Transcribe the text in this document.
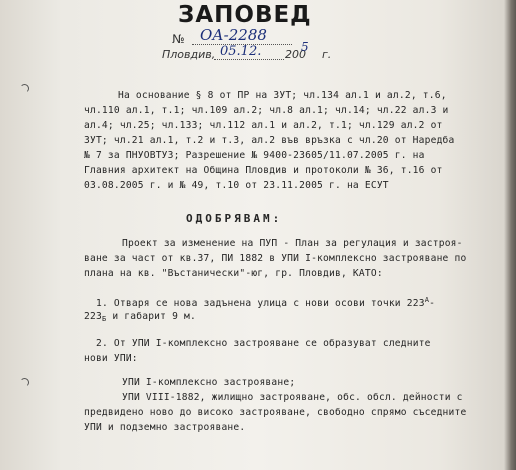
ЗАПОВЕД
№ ОА-2288
Пловдив, 05.12. 200
5
г.
На основание § 8 от ПР на ЗУТ; чл.134 ал.1 и ал.2, т.6,
чл.110 ал.1, т.1; чл.109 ал.2; чл.8 ал.1; чл.14; чл.22 ал.3 и
ал.4; чл.25; чл.133; чл.112 ал.1 и ал.2, т.1; чл.129 ал.2 от
ЗУТ; чл.21 ал.1, т.2 и т.3, ал.2 във връзка с чл.20 от Наредба
№ 7 за ПНУОВТУЗ; Разрешение № 9400-23605/11.07.2005 г. на
Главния архитект на Община Пловдив и протоколи № 36, т.16 от
03.08.2005 г. и № 49, т.10 от 23.11.2005 г. на ЕСУТ
ОДОБРЯВАМ:
Проект за изменение на ПУП - План за регулация и застроя-
ване за част от кв.37, ПИ 1882 в УПИ I-комплексно застрояване по
плана на кв. "Въстанически"-юг, гр. Пловдив, КАТО:
1. Отваря се нова задънена улица с нови осови точки $223^А-$
$223_Б$ и габарит 9 м.
2. От УПИ I-комплексно застрояване се образуват следните
нови УПИ:
УПИ I-комплексно застрояване;
УПИ VIII-1882, жилищно застрояване, обс. обсл. дейности с
предвидено ново до високо застрояване, свободно спрямо съседните
УПИ и подземно застрояване.
